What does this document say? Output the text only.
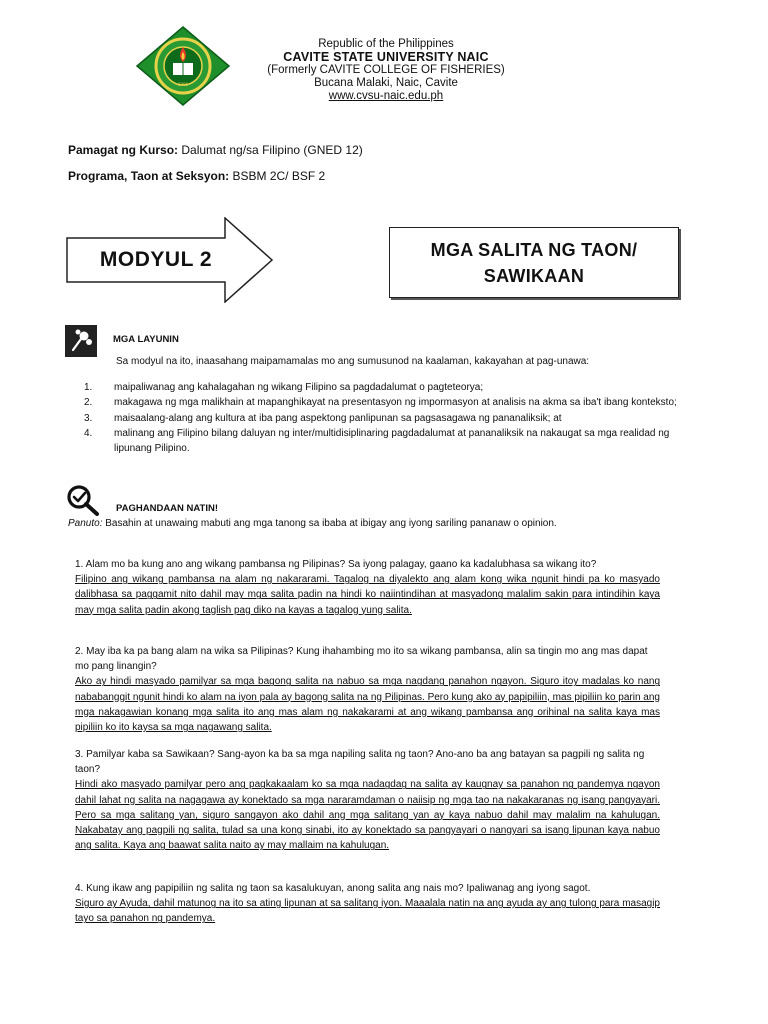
1906
Republic of the Philippines
CAVITE STATE UNIVERSITY NAIC
(Formerly CAVITE COLLEGE OF FISHERIES)
Bucana Malaki, Naic, Cavite
www.cvsu-naic.edu.ph
Pamagat ng Kurso: Dalumat ng/sa Filipino (GNED 12)
Programa, Taon at Seksyon: BSBM 2C/ BSF 2
MODYUL 2	MGA SALITA NG TAON/
SAWIKAAN
MGA LAYUNIN
Sa modyul na ito, inaasahang maipamamalas mo ang sumusunod na kaalaman, kakayahan at pag-unawa:
1.	maipaliwanag ang kahalagahan ng wikang Filipino sa pagdadalumat o pagteteorya;
2.	makagawa ng mga malikhain at mapanghikayat na presentasyon ng impormasyon at analisis na akma sa iba't ibang konteksto;
3.	maisaalang-alang ang kultura at iba pang aspektong panlipunan sa pagsasagawa ng pananaliksik; at
4.	malinang ang Filipino bilang daluyan ng inter/multidisiplinaring pagdadalumat at pananaliksik na nakaugat sa mga realidad ng lipunang Pilipino.
PAGHANDAAN NATIN!
Panuto: Basahin at unawaing mabuti ang mga tanong sa ibaba at ibigay ang iyong sariling pananaw o opinion.
1. Alam mo ba kung ano ang wikang pambansa ng Pilipinas? Sa iyong palagay, gaano ka kadalubhasa sa wikang ito?
Filipino ang wikang pambansa na alam ng nakararami. Tagalog na diyalekto ang alam kong wika ngunit hindi pa ko masyado dalibhasa sa paggamit nito dahil may mga salita padin na hindi ko naiintindihan at masyadong malalim sakin para intindihin kaya may mga salita padin akong taglish pag diko na kayas a tagalog yung salita.
2. May iba ka pa bang alam na wika sa Pilipinas? Kung ihahambing mo ito sa wikang pambansa, alin sa tingin mo ang mas dapat mo pang linangin?
Ako ay hindi masyado pamilyar sa mga bagong salita na nabuo sa mga nagdang panahon ngayon. Siguro itoy madalas ko nang nababanggit ngunit hindi ko alam na iyon pala ay bagong salita na ng Pilipinas. Pero kung ako ay papipiliin, mas pipiliin ko parin ang mga nakagawian konang mga salita ito ang mas alam ng nakakarami at ang wikang pambansa ang orihinal na salita kaya mas pipiliin ko ito kaysa sa mga nagawang salita.
3. Pamilyar kaba sa Sawikaan? Sang-ayon ka ba sa mga napiling salita ng taon? Ano-ano ba ang batayan sa pagpili ng salita ng taon?
Hindi ako masyado pamilyar pero ang pagkakaalam ko sa mga nadagdag na salita ay kaugnay sa panahon ng pandemya ngayon dahil lahat ng salita na nagagawa ay konektado sa mga nararamdaman o naiisip ng mga tao na nakakaranas ng isang pangyayari. Pero sa mga salitang yan, siguro sangayon ako dahil ang mga salitang yan ay kaya nabuo dahil may malalim na kahulugan. Nakabatay ang pagpili ng salita, tulad sa una kong sinabi, ito ay konektado sa pangyayari o nangyari sa isang lipunan kaya nabuo ang salita. Kaya ang baawat salita naito ay may mallaim na kahulugan.
4. Kung ikaw ang papipiliin ng salita ng taon sa kasalukuyan, anong salita ang nais mo? Ipaliwanag ang iyong sagot.
Siguro ay Ayuda, dahil matunog na ito sa ating lipunan at sa salitang iyon. Maaalala natin na ang ayuda ay ang tulong para masagip tayo sa panahon ng pandemya.
